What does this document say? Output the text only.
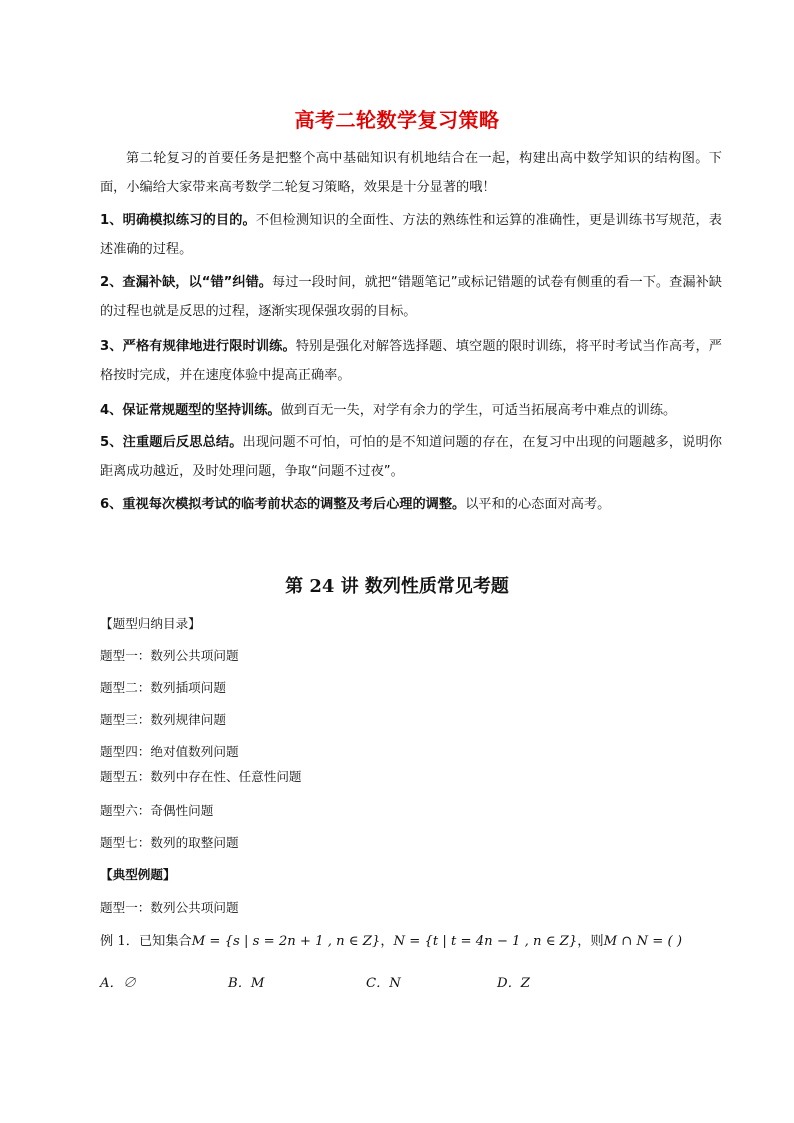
高考二轮数学复习策略
第二轮复习的首要任务是把整个高中基础知识有机地结合在一起，构建出高中数学知识的结构图。下面，小编给大家带来高考数学二轮复习策略，效果是十分显著的哦！
1、明确模拟练习的目的。不但检测知识的全面性、方法的熟练性和运算的准确性，更是训练书写规范，表述准确的过程。
2、查漏补缺，以“错”纠错。每过一段时间，就把“错题笔记”或标记错题的试卷有侧重的看一下。查漏补缺的过程也就是反思的过程，逐渐实现保强攻弱的目标。
3、严格有规律地进行限时训练。特别是强化对解答选择题、填空题的限时训练，将平时考试当作高考，严格按时完成，并在速度体验中提高正确率。
4、保证常规题型的坚持训练。做到百无一失，对学有余力的学生，可适当拓展高考中难点的训练。
5、注重题后反思总结。出现问题不可怕，可怕的是不知道问题的存在，在复习中出现的问题越多，说明你距离成功越近，及时处理问题，争取“问题不过夜”。
6、重视每次模拟考试的临考前状态的调整及考后心理的调整。以平和的心态面对高考。
第 24 讲 数列性质常见考题
【题型归纳目录】
题型一：数列公共项问题
题型二：数列插项问题
题型三：数列规律问题
题型四：绝对值数列问题
题型五：数列中存在性、任意性问题
题型六：奇偶性问题
题型七：数列的取整问题
【典型例题】
题型一：数列公共项问题
例 1．已知集合M = {s | s = 2n + 1 , n ∈ Z}，N = {t | t = 4n − 1 , n ∈ Z}，则M ∩ N = ( )
A．∅	B．M	C．N	D．Z
